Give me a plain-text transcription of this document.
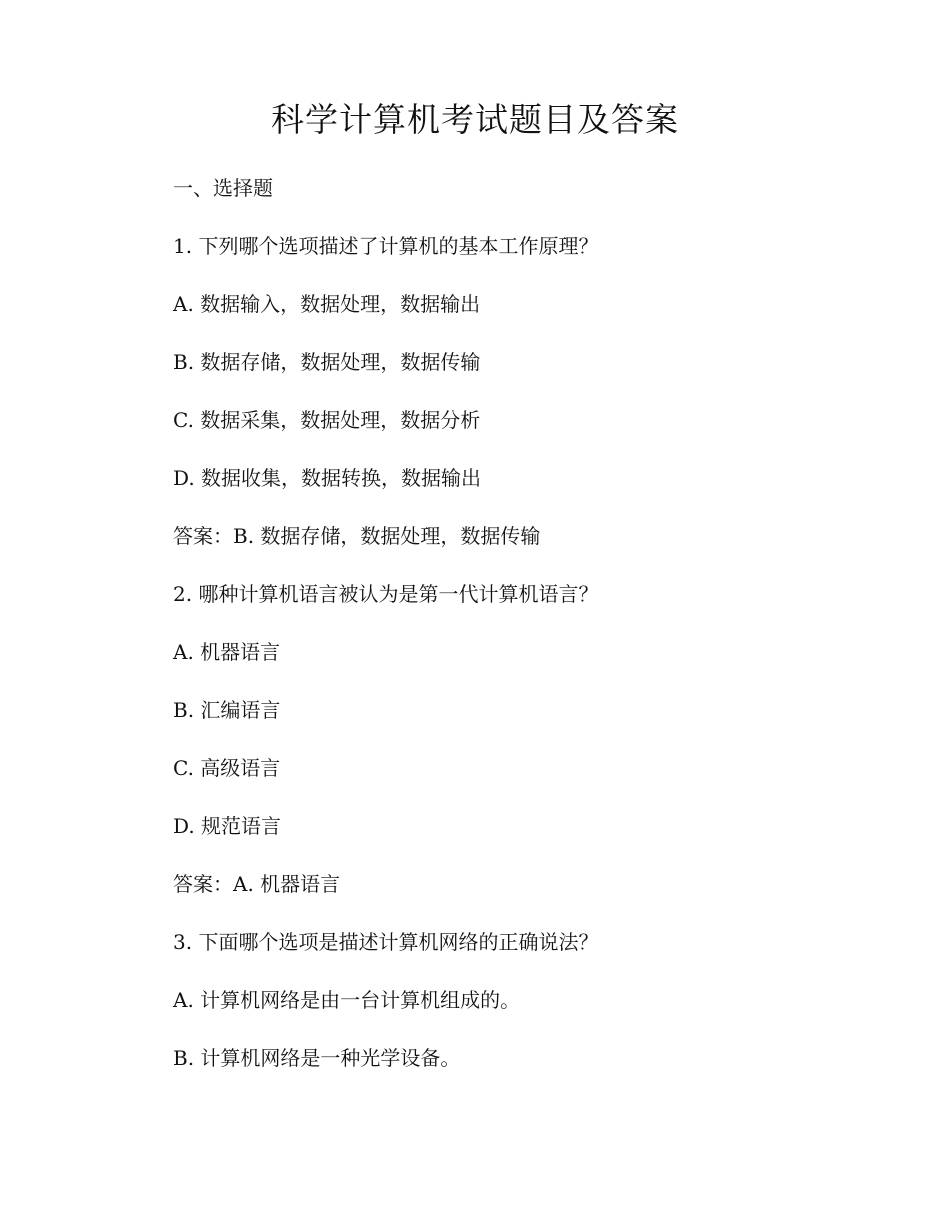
科学计算机考试题目及答案
一、选择题
1. 下列哪个选项描述了计算机的基本工作原理？
A. 数据输入，数据处理，数据输出
B. 数据存储，数据处理，数据传输
C. 数据采集，数据处理，数据分析
D. 数据收集，数据转换，数据输出
答案：B. 数据存储，数据处理，数据传输
2. 哪种计算机语言被认为是第一代计算机语言？
A. 机器语言
B. 汇编语言
C. 高级语言
D. 规范语言
答案：A. 机器语言
3. 下面哪个选项是描述计算机网络的正确说法？
A. 计算机网络是由一台计算机组成的。
B. 计算机网络是一种光学设备。
